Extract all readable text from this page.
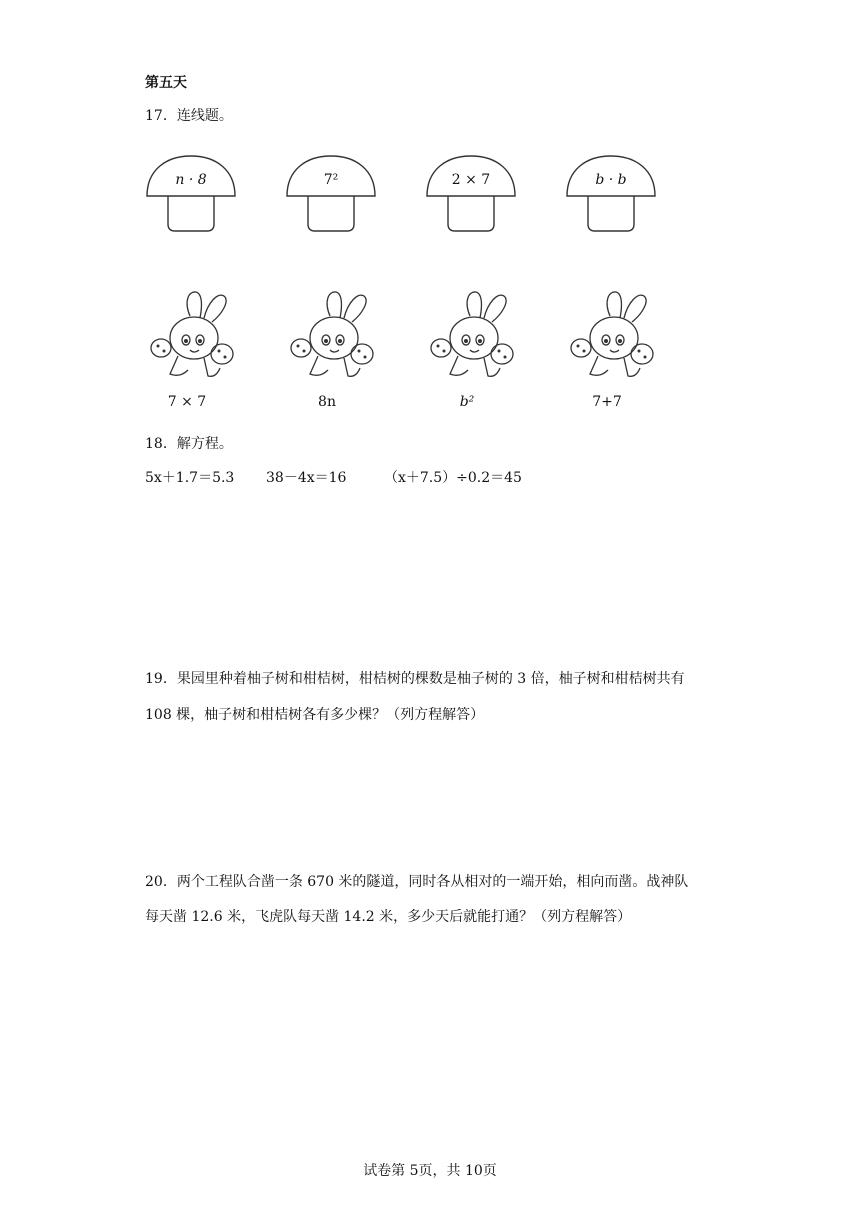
第五天
17．连线题。
n · 8	7²	2 × 7	b · b
7 × 7	8n	b²	7+7
18．解方程。
5x＋1.7＝5.3 38－4x＝16	（x＋7.5）÷0.2＝45
19．果园里种着柚子树和柑桔树，柑桔树的棵数是柚子树的 3 倍，柚子树和柑桔树共有
108 棵，柚子树和柑桔树各有多少棵？（列方程解答）
20．两个工程队合凿一条 670 米的隧道，同时各从相对的一端开始，相向而凿。战神队
每天凿 12.6 米，飞虎队每天凿 14.2 米，多少天后就能打通？（列方程解答）
试卷第 5页，共 10页
